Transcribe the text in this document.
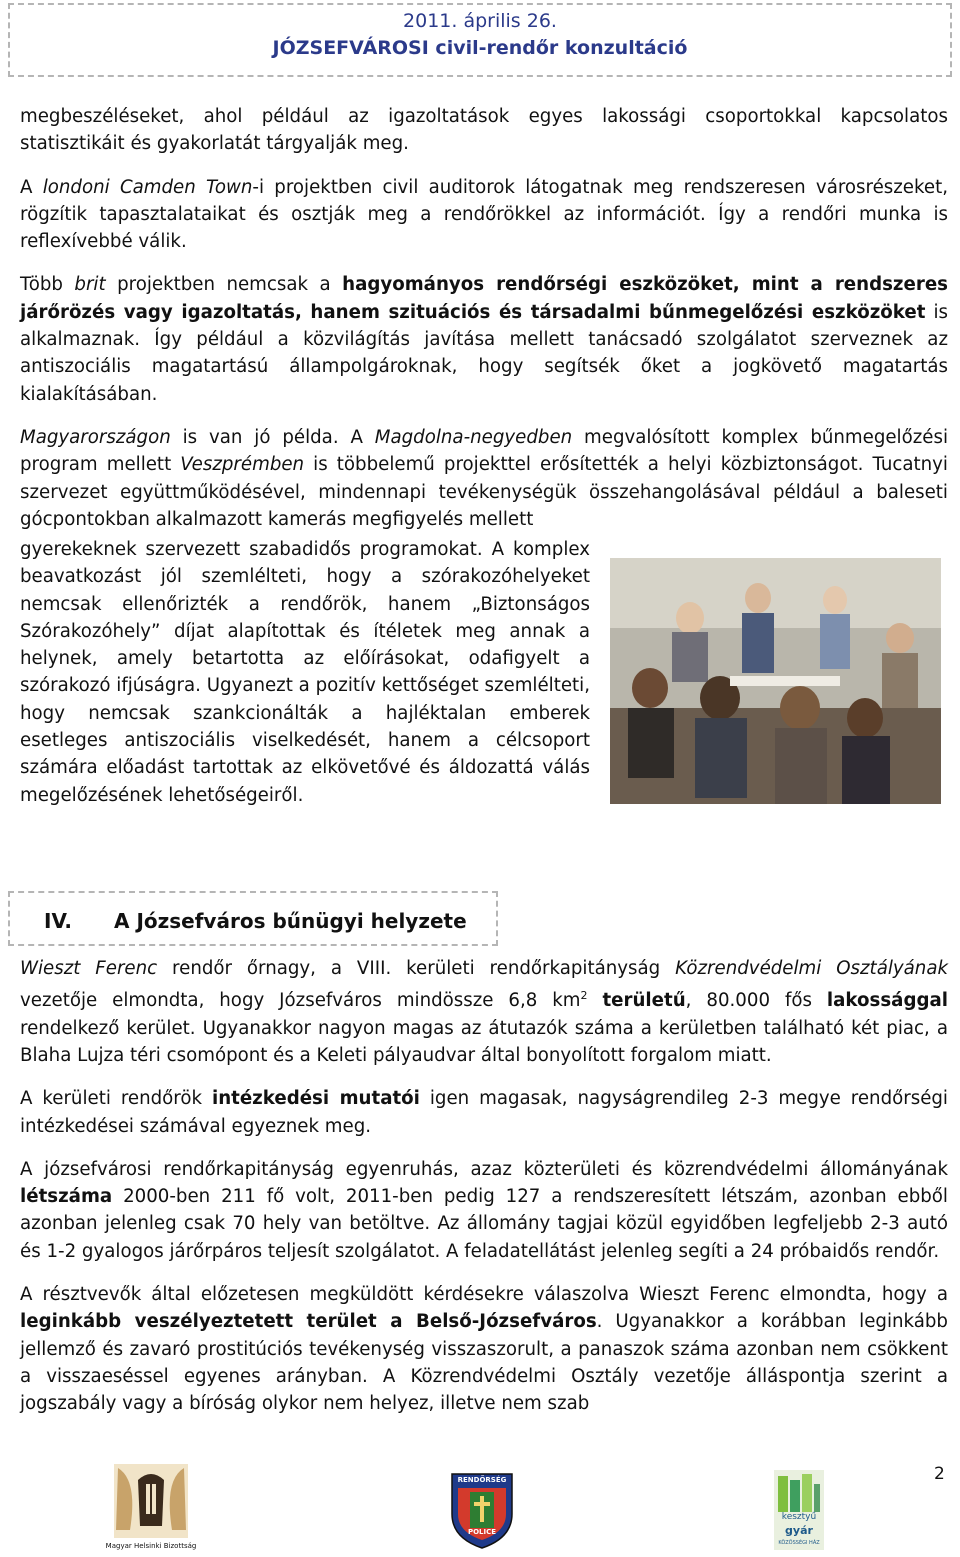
2011. április 26.
JÓZSEFVÁROSI civil-rendőr konzultáció

megbeszéléseket, ahol például az igazoltatások egyes lakossági csoportokkal kapcsolatos statisztikáit és gyakorlatát tárgyalják meg.

A londoni Camden Town-i projektben civil auditorok látogatnak meg rendszeresen városrészeket, rögzítik tapasztalataikat és osztják meg a rendőrökkel az információt. Így a rendőri munka is reflexívebbé válik.

Több brit projektben nemcsak a hagyományos rendőrségi eszközöket, mint a rendszeres járőrözés vagy igazoltatás, hanem szituációs és társadalmi bűnmegelőzési eszközöket is alkalmaznak. Így például a közvilágítás javítása mellett tanácsadó szolgálatot szerveznek az antiszociális magatartású állampolgároknak, hogy segítsék őket a jogkövető magatartás kialakításában.

Magyarországon is van jó példa. A Magdolna-negyedben megvalósított komplex bűnmegelőzési program mellett Veszprémben is többelemű projekttel erősítették a helyi közbiztonságot. Tucatnyi szervezet együttműködésével, mindennapi tevékenységük összehangolásával például a baleseti gócpontokban alkalmazott kamerás megfigyelés mellett

gyerekeknek szervezett szabadidős programokat. A komplex beavatkozást jól szemlélteti, hogy a szórakozóhelyeket nemcsak ellenőrizték a rendőrök, hanem „Biztonságos Szórakozóhely” díjat alapítottak és ítéletek meg annak a helynek, amely betartotta az előírásokat, odafigyelt a szórakozó ifjúságra. Ugyanezt a pozitív kettőséget szemlélteti, hogy nemcsak szankcionálták a hajléktalan emberek esetleges antiszociális viselkedését, hanem a célcsoport számára előadást tartottak az elkövetővé és áldozattá válás megelőzésének lehetőségeiről.

IV. A Józsefváros bűnügyi helyzete

Wieszt Ferenc rendőr őrnagy, a VIII. kerületi rendőrkapitányság Közrendvédelmi Osztályának vezetője elmondta, hogy Józsefváros mindössze 6,8 $km^2$ területű, 80.000 fős lakossággal rendelkező kerület. Ugyanakkor nagyon magas az átutazók száma a kerületben található két piac, a Blaha Lujza téri csomópont és a Keleti pályaudvar által bonyolított forgalom miatt.

A kerületi rendőrök intézkedési mutatói igen magasak, nagyságrendileg 2-3 megye rendőrségi intézkedései számával egyeznek meg.

A józsefvárosi rendőrkapitányság egyenruhás, azaz közterületi és közrendvédelmi állományának létszáma 2000-ben 211 fő volt, 2011-ben pedig 127 a rendszeresített létszám, azonban ebből azonban jelenleg csak 70 hely van betöltve. Az állomány tagjai közül egyidőben legfeljebb 2-3 autó és 1-2 gyalogos járőrpáros teljesít szolgálatot. A feladatellátást jelenleg segíti a 24 próbaidős rendőr.

A résztvevők által előzetesen megküldött kérdésekre válaszolva Wieszt Ferenc elmondta, hogy a leginkább veszélyeztetett terület a Belső-Józsefváros. Ugyanakkor a korábban leginkább jellemző és zavaró prostitúciós tevékenység visszaszorult, a panaszok száma azonban nem csökkent a visszaeséssel egyenes arányban. A Közrendvédelmi Osztály vezetője álláspontja szerint a jogszabály vagy a bíróság olykor nem helyez, illetve nem szab

2
Magyar Helsinki Bizottság
RENDŐRSÉG
POLICE
kesztyű
gyár
KÖZÖSSÉGI HÁZ
